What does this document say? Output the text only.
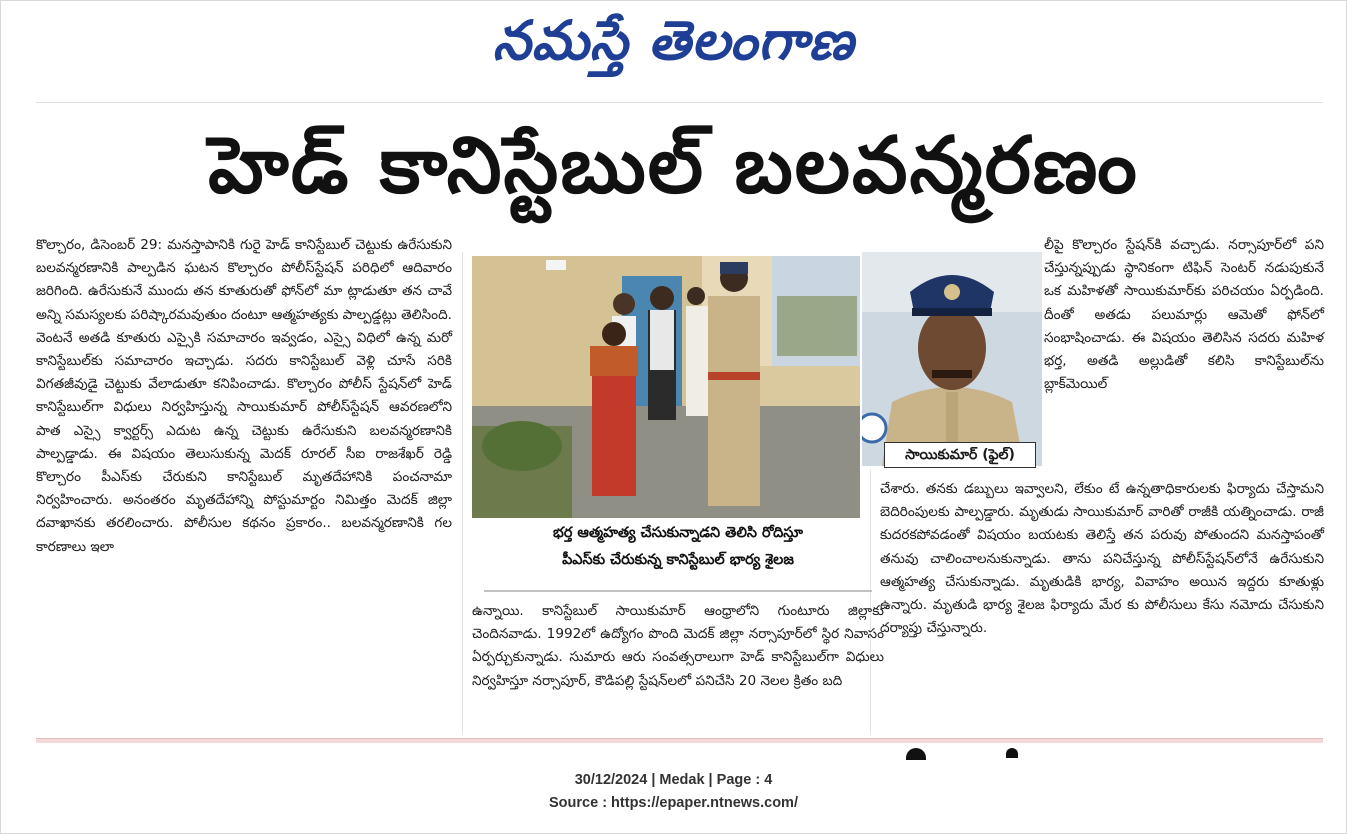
నమస్తే తెలంగాణ
హెడ్ కానిస్టేబుల్ బలవన్మరణం
కొల్చారం, డిసెంబర్ 29: మనస్తాపానికి గురై హెడ్ కానిస్టేబుల్ చెట్టుకు ఉరేసుకుని బలవన్మరణానికి పాల్పడిన ఘటన కొల్చారం పోలీస్‌స్టేషన్ పరిధిలో ఆదివారం జరిగింది. ఉరేసుకునే ముందు తన కూతురుతో ఫోన్‌లో మా ట్లాడుతూ తన చావే అన్ని సమస్యలకు పరిష్కారమవుతుం దంటూ ఆత్మహత్యకు పాల్పడ్డట్లు తెలిసింది. వెంటనే అతడి కూతురు ఎస్సైకి సమాచారం ఇవ్వడం, ఎస్సై విధిలో ఉన్న మరో కానిస్టేబుల్‌కు సమాచారం ఇచ్చాడు. సదరు కానిస్టేబుల్ వెళ్లి చూసే సరికి విగతజీవుడై చెట్టుకు వేలాడుతూ కనిపించాడు. కొల్చారం పోలీస్ స్టేషన్‌లో హెడ్ కానిస్టేబుల్‌గా విధులు నిర్వహిస్తున్న సాయికుమార్ పోలీస్‌స్టేషన్ ఆవరణలోని పాత ఎస్సై క్వార్టర్స్ ఎదుట ఉన్న చెట్టుకు ఉరేసుకుని బలవన్మరణానికి పాల్పడ్డాడు. ఈ విషయం తెలుసుకున్న మెదక్ రూరల్ సీఐ రాజశేఖర్ రెడ్డి కొల్చారం పీఎస్‌కు చేరుకుని కానిస్టేబుల్ మృతదేహానికి పంచనామా నిర్వహించారు. అనంతరం మృతదేహాన్ని పోస్టుమార్టం నిమిత్తం మెదక్ జిల్లా దవాఖానకు తరలించారు. పోలీసుల కథనం ప్రకారం.. బలవన్మరణానికి గల కారణాలు ఇలా
సాయికుమార్ (ఫైల్)
భర్త ఆత్మహత్య చేసుకున్నాడని తెలిసి రోదిస్తూ
పీఎస్‌కు చేరుకున్న కానిస్టేబుల్ భార్య శైలజ
ఉన్నాయి. కానిస్టేబుల్ సాయికుమార్ ఆంధ్రాలోని గుంటూరు జిల్లాకు చెందినవాడు. 1992లో ఉద్యోగం పొంది మెదక్ జిల్లా నర్సాపూర్‌లో స్థిర నివాసం ఏర్పర్చుకున్నాడు. సుమారు ఆరు సంవత్సరాలుగా హెడ్ కానిస్టేబుల్‌గా విధులు నిర్వహిస్తూ నర్సాపూర్, కౌడిపల్లి స్టేషన్‌లలో పనిచేసి 20 నెలల క్రితం బది
లీపై కొల్చారం స్టేషన్‌కి వచ్చాడు. నర్సాపూర్‌లో పని చేస్తున్నప్పుడు స్థానికంగా టిఫిన్ సెంటర్ నడుపుకునే ఒక మహిళతో సాయికుమార్‌కు పరిచయం ఏర్పడింది. దీంతో అతడు పలుమార్లు ఆమెతో ఫోన్‌లో సంభాషించాడు. ఈ విషయం తెలిసిన సదరు మహిళ భర్త, అతడి అల్లుడితో కలిసి కానిస్టేబుల్‌ను బ్లాక్‌మెయిల్
చేశారు. తనకు డబ్బులు ఇవ్వాలని, లేకుం టే ఉన్నతాధికారులకు ఫిర్యాదు చేస్తామని బెదిరింపులకు పాల్పడ్డారు. మృతుడు సాయికుమార్ వారితో రాజీకి యత్నించాడు. రాజీ కుదరకపోవడంతో విషయం బయటకు తెలిస్తే తన పరువు పోతుందని మనస్తాపంతో తనువు చాలించాలనుకున్నాడు. తాను పనిచేస్తున్న పోలీస్‌స్టేషన్‌లోనే ఉరేసుకుని ఆత్మహత్య చేసుకున్నాడు. మృతుడికి భార్య, వివాహం అయిన ఇద్దరు కూతుళ్లు ఉన్నారు. మృతుడి భార్య శైలజ ఫిర్యాదు మేర కు పోలీసులు కేసు నమోదు చేసుకుని దర్యాప్తు చేస్తున్నారు.
30/12/2024 | Medak | Page : 4
Source : https://epaper.ntnews.com/
